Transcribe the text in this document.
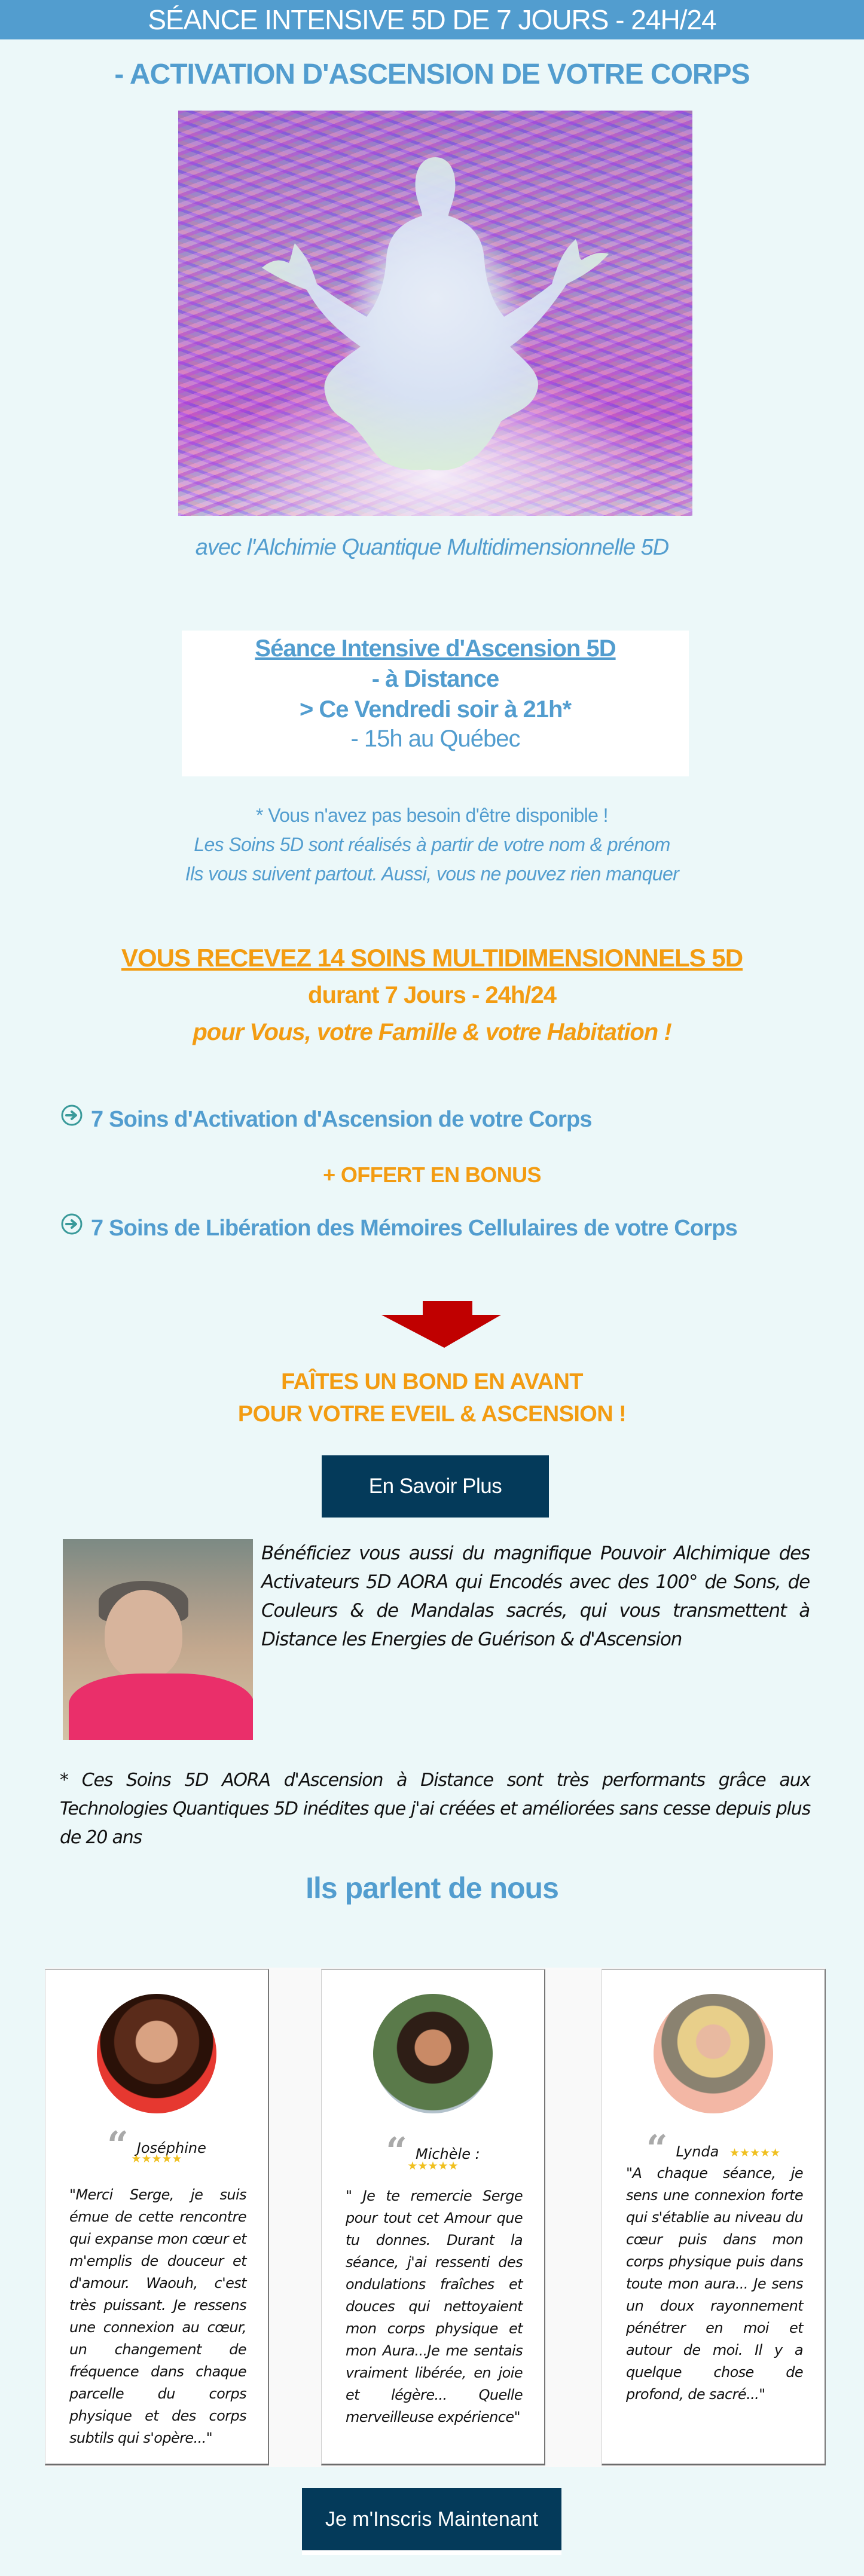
SÉANCE INTENSIVE 5D DE 7 JOURS - 24H/24
- ACTIVATION D'ASCENSION DE VOTRE CORPS
avec l'Alchimie Quantique Multidimensionnelle 5D
Séance Intensive d'Ascension 5D
- à Distance
> Ce Vendredi soir à 21h*
- 15h au Québec
* Vous n'avez pas besoin d'être disponible !
Les Soins 5D sont réalisés à partir de votre nom & prénom
Ils vous suivent partout. Aussi, vous ne pouvez rien manquer
VOUS RECEVEZ 14 SOINS MULTIDIMENSIONNELS 5D
durant 7 Jours - 24h/24
pour Vous, votre Famille & votre Habitation !
7 Soins d'Activation d'Ascension de votre Corps
+ OFFERT EN BONUS
7 Soins de Libération des Mémoires Cellulaires de votre Corps
FAÎTES UN BOND EN AVANT
POUR VOTRE EVEIL & ASCENSION !
En Savoir Plus
Bénéficiez vous aussi du magnifique Pouvoir Alchimique des Activateurs 5D AORA qui Encodés avec des 100° de Sons, de Couleurs & de Mandalas sacrés, qui vous transmettent à Distance les Energies de Guérison & d'Ascension
* Ces Soins 5D AORA d'Ascension à Distance sont très performants grâce aux Technologies Quantiques 5D inédites que j'ai créées et améliorées sans cesse depuis plus de 20 ans
Ils parlent de nous
“ Joséphine
★★★★★
"Merci Serge, je suis émue de cette rencontre qui expanse mon cœur et m'emplis de douceur et d'amour. Waouh, c'est très puissant. Je ressens une connexion au cœur, un changement de fréquence dans chaque parcelle du corps physique et des corps subtils qui s'opère..."
“ Michèle :
★★★★★
" Je te remercie Serge pour tout cet Amour que tu donnes. Durant la séance, j'ai ressenti des ondulations fraîches et douces qui nettoyaient mon corps physique et mon Aura...Je me sentais vraiment libérée, en joie et légère... Quelle merveilleuse expérience"
“ Lynda ★★★★★
"A chaque séance, je sens une connexion forte qui s'établie au niveau du cœur puis dans mon corps physique puis dans toute mon aura... Je sens un doux rayonnement pénétrer en moi et autour de moi. Il y a quelque chose de profond, de sacré..."
Je m'Inscris Maintenant
